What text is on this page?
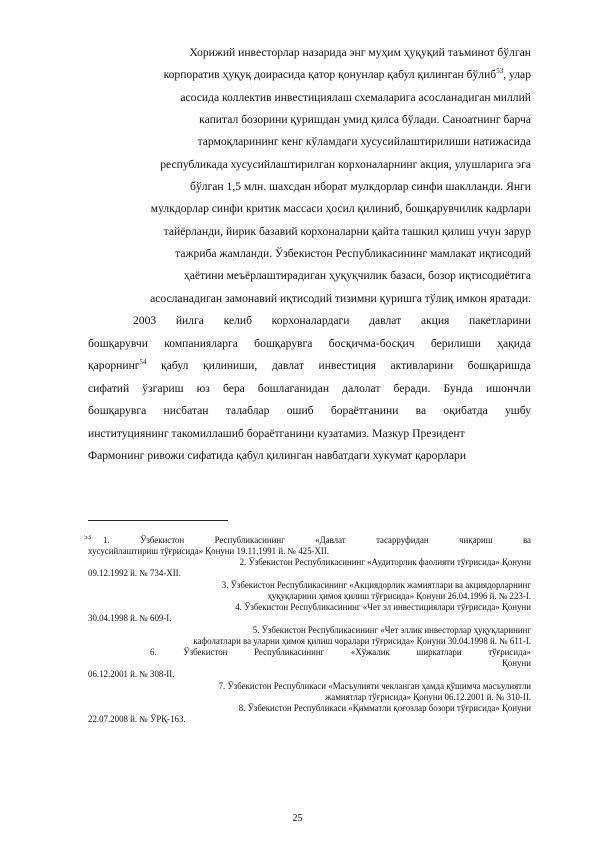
Хорижий инвесторлар назарида энг муҳим ҳуқуқий таъминот бўлган
корпоратив ҳуқуқ доирасида қатор қонунлар қабул қилинган бўлиб$^{53}$, улар
асосида коллектив инвестициялаш схемаларига асосланадиган миллий
капитал бозорини қуришдан умид қилса бўлади. Саноатнинг барча
тармоқларининг кенг кўламдаги хусусийлаштирилиши натижасида
республикада хусусийлаштирилган корхоналарнинг акция, улушларига эга
бўлган 1,5 млн. шахсдан иборат мулкдорлар синфи шаклланди. Янги
мулкдорлар синфи критик массаси ҳосил қилиниб, бошқарувчилик кадрлари
тайёрланди, йирик базавий корхоналарни қайта ташкил қилиш учун зарур
тажриба жамланди. Ўзбекистон Республикасининг мамлакат иқтисодий
ҳаётини меъёрлаштирадиган ҳуқуқчилик базаси, бозор иқтисодиётига
асосланадиган замонавий иқтисодий тизимни қуришга тўлиқ имкон яратади.
2003 йилга келиб корхоналардаги давлат акция пакетларини
бошқарувчи компанияларга бошқарувга босқичма-босқич берилиши ҳақида
қарорнинг$^{54}$ қабул қилиниши, давлат инвестиция активларини бошқаришда
сифатий ўзгариш юз бера бошлаганидан далолат беради. Бунда ишончли
бошқарувга нисбатан талаблар ошиб бораётганини ва оқибатда ушбу
институциянинг такомиллашиб бораётганини кузатамиз. Мазкур Президент
Фармонинг ривожи сифатида қабул қилинган навбатдаги хукумат қарорлари
$^{53}$ 1. Ўзбекистон Республикасининг «Давлат тасарруфидан чиқариш ва
хусусийлаштириш тўғрисида» Қонуни 19.11.1991 й. № 425-XII.
2. Ўзбекистон Республикасининг «Аудиторлик фаолияти тўғрисида» Қонуни
09.12.1992 й. № 734-XII.
3. Ўзбекистон Республикасининг «Акциядорлик жамиятлари ва акциядорларнинг
ҳуқуқларини ҳимоя қилиш тўғрисида» Қонуни 26.04.1996 й. № 223-I.
4. Ўзбекистон Республикасининг «Чет эл инвестициялари тўғрисида» Қонуни
30.04.1998 й. № 609-I.
5. Ўзбекистон Республикасининг «Чет эллик инвесторлар ҳуқуқларининг
кафолатлари ва уларни ҳимоя қилиш чоралари тўғрисида» Қонуни 30.04.1998 й. № 611-I.
6. Ўзбекистон Республикасининг «Хўжалик ширкатлари тўғрисида»
Қонуни
06.12.2001 й. № 308-II.
7. Ўзбекистон Республикаси «Масъулияти чекланган ҳамда қўшимча масъулиятли
жамиятлар тўғрисида» Қонуни 06.12.2001 й. № 310-II.
8. Ўзбекистон Республикаси «Қимматли қоғозлар бозори тўғрисида» Қонуни
22.07.2008 й. № ЎРҚ-163.
25
